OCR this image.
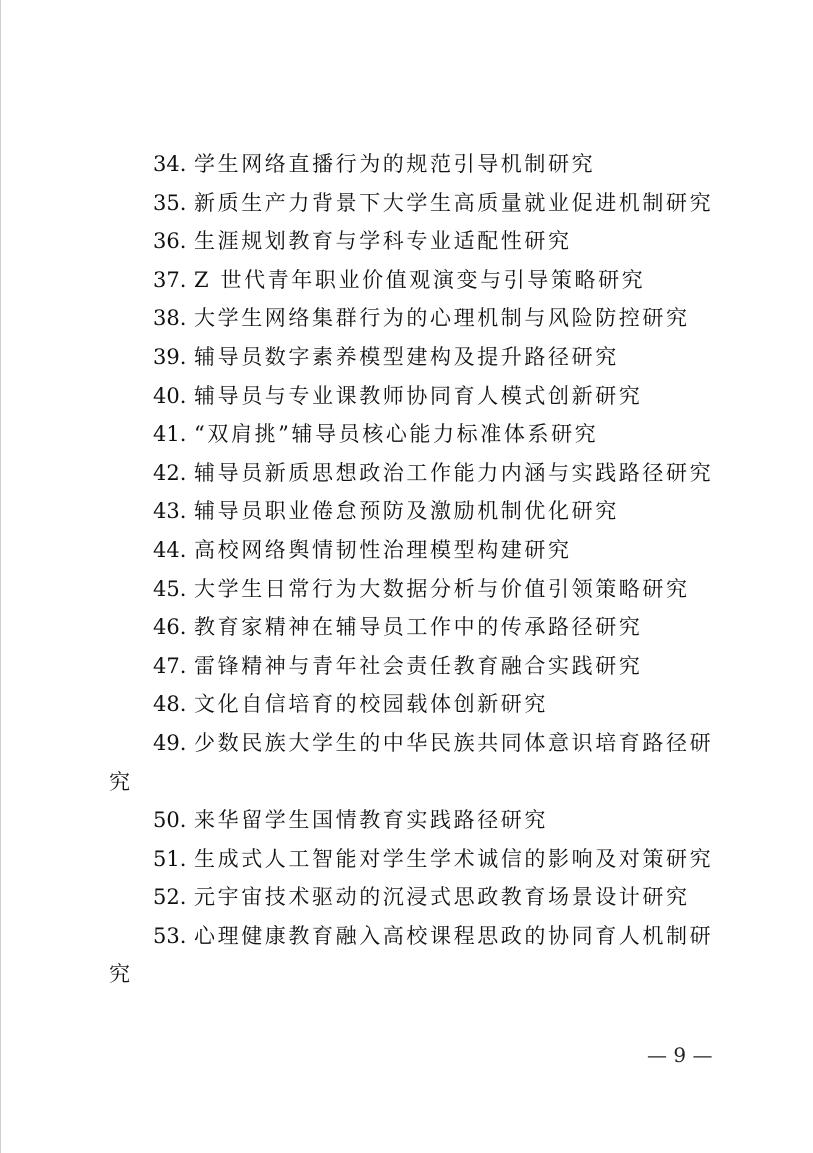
34. 学生网络直播行为的规范引导机制研究
35. 新质生产力背景下大学生高质量就业促进机制研究
36. 生涯规划教育与学科专业适配性研究
37. Z 世代青年职业价值观演变与引导策略研究
38. 大学生网络集群行为的心理机制与风险防控研究
39. 辅导员数字素养模型建构及提升路径研究
40. 辅导员与专业课教师协同育人模式创新研究
41. “双肩挑”辅导员核心能力标准体系研究
42. 辅导员新质思想政治工作能力内涵与实践路径研究
43. 辅导员职业倦怠预防及激励机制优化研究
44. 高校网络舆情韧性治理模型构建研究
45. 大学生日常行为大数据分析与价值引领策略研究
46. 教育家精神在辅导员工作中的传承路径研究
47. 雷锋精神与青年社会责任教育融合实践研究
48. 文化自信培育的校园载体创新研究
49. 少数民族大学生的中华民族共同体意识培育路径研
究
50. 来华留学生国情教育实践路径研究
51. 生成式人工智能对学生学术诚信的影响及对策研究
52. 元宇宙技术驱动的沉浸式思政教育场景设计研究
53. 心理健康教育融入高校课程思政的协同育人机制研
究
— 9 —
